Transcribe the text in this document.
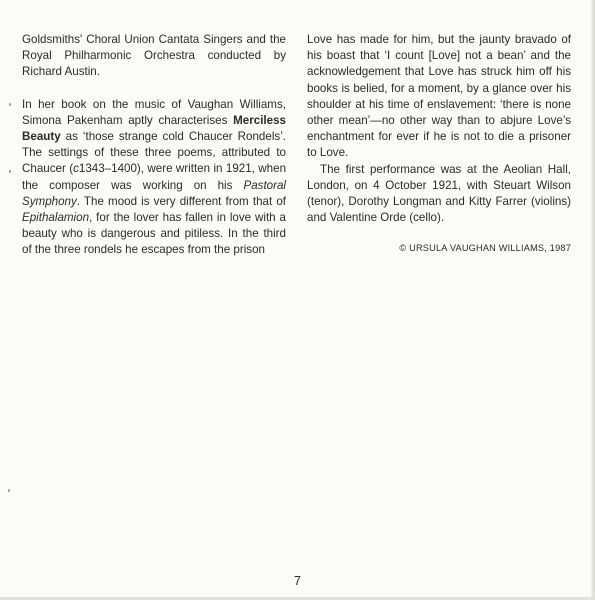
Goldsmiths' Choral Union Cantata Singers and the Royal Philharmonic Orchestra conducted by Richard Austin.

In her book on the music of Vaughan Williams, Simona Pakenham aptly characterises Merciless Beauty as ‘those strange cold Chaucer Rondels’. The settings of these three poems, attributed to Chaucer (c1343–1400), were written in 1921, when the composer was working on his Pastoral Symphony. The mood is very different from that of Epithalamion, for the lover has fallen in love with a beauty who is dangerous and pitiless. In the third of the three rondels he escapes from the prison

Love has made for him, but the jaunty bravado of his boast that ‘I count [Love] not a bean’ and the acknowledgement that Love has struck him off his books is belied, for a moment, by a glance over his shoulder at his time of enslavement: ‘there is none other mean’—no other way than to abjure Love’s enchantment for ever if he is not to die a prisoner to Love.

The first performance was at the Aeolian Hall, London, on 4 October 1921, with Steuart Wilson (tenor), Dorothy Longman and Kitty Farrer (violins) and Valentine Orde (cello).

© URSULA VAUGHAN WILLIAMS, 1987

7
